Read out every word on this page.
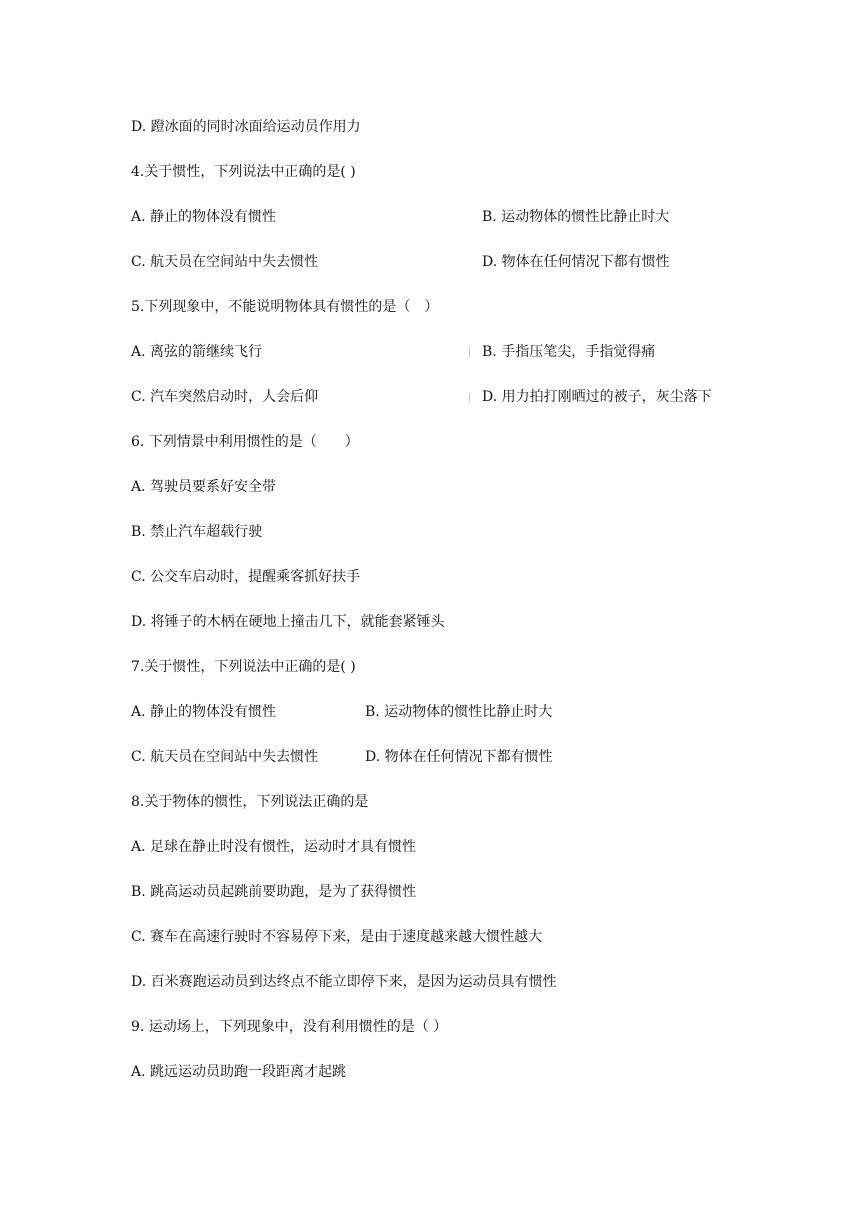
D. 蹬冰面的同时冰面给运动员作用力
4.关于惯性，下列说法中正确的是( )
A. 静止的物体没有惯性	B. 运动物体的惯性比静止时大
C. 航天员在空间站中失去惯性	D. 物体在任何情况下都有惯性
5.下列现象中，不能说明物体具有惯性的是（　）
A. 离弦的箭继续飞行	B. 手指压笔尖，手指觉得痛
C. 汽车突然启动时，人会后仰	D. 用力拍打刚晒过的被子，灰尘落下
6. 下列情景中利用惯性的是（　　）
A. 驾驶员要系好安全带
B. 禁止汽车超载行驶
C. 公交车启动时，提醒乘客抓好扶手
D. 将锤子的木柄在硬地上撞击几下，就能套紧锤头
7.关于惯性，下列说法中正确的是( )
A. 静止的物体没有惯性	B. 运动物体的惯性比静止时大
C. 航天员在空间站中失去惯性	D. 物体在任何情况下都有惯性
8.关于物体的惯性，下列说法正确的是
A. 足球在静止时没有惯性，运动时才具有惯性
B. 跳高运动员起跳前要助跑，是为了获得惯性
C. 赛车在高速行驶时不容易停下来，是由于速度越来越大惯性越大
D. 百米赛跑运动员到达终点不能立即停下来，是因为运动员具有惯性
9. 运动场上，下列现象中，没有利用惯性的是（ ）
A. 跳远运动员助跑一段距离才起跳
